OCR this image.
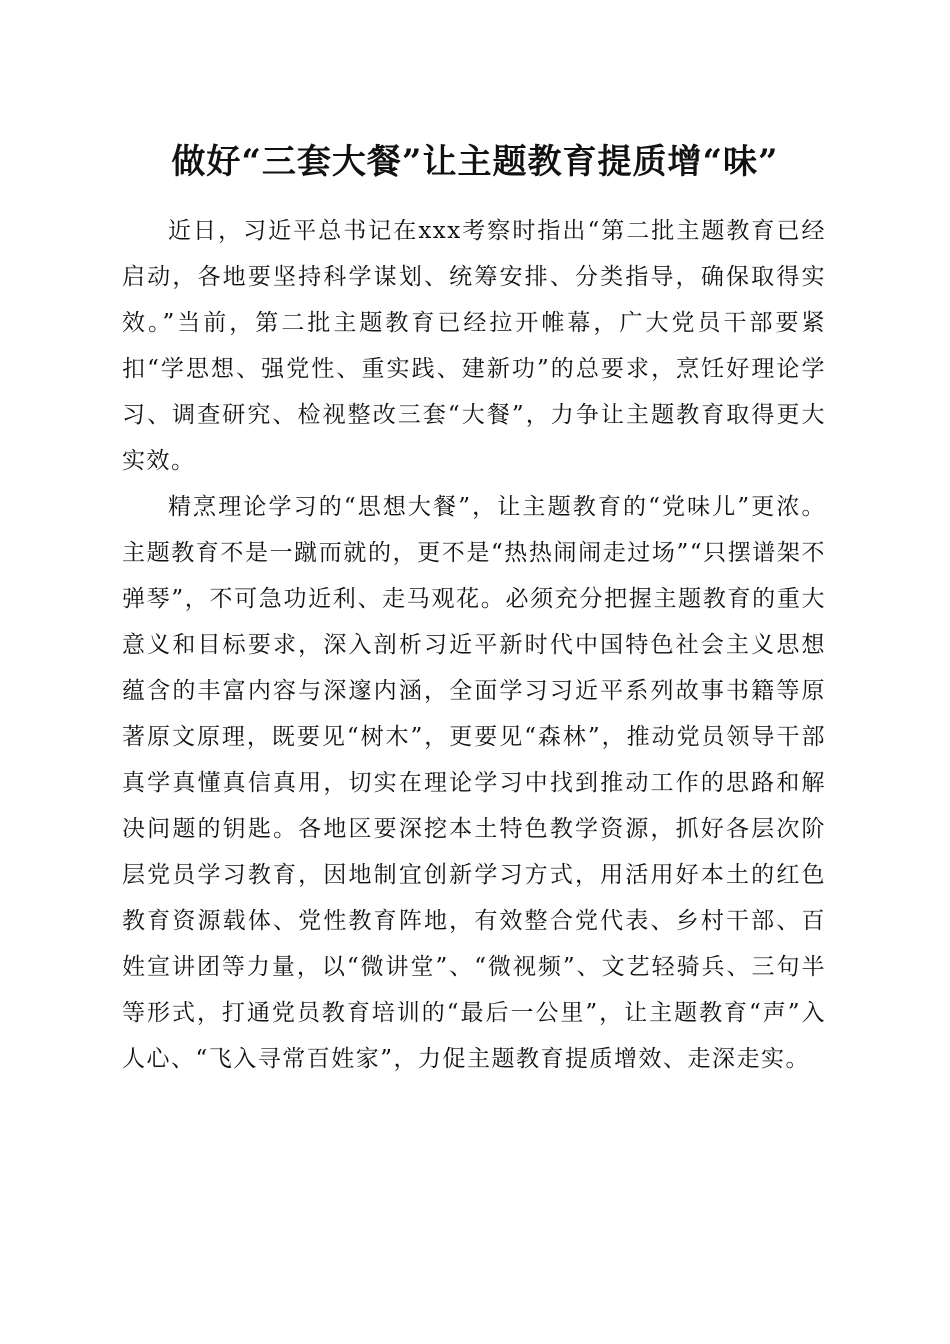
做好“三套大餐”让主题教育提质增“味”

近日，习近平总书记在xxx考察时指出“第二批主题教育已经启动，各地要坚持科学谋划、统筹安排、分类指导，确保取得实效。”当前，第二批主题教育已经拉开帷幕，广大党员干部要紧扣“学思想、强党性、重实践、建新功”的总要求，烹饪好理论学习、调查研究、检视整改三套“大餐”，力争让主题教育取得更大实效。

精烹理论学习的“思想大餐”，让主题教育的“党味儿”更浓。主题教育不是一蹴而就的，更不是“热热闹闹走过场”“只摆谱架不弹琴”，不可急功近利、走马观花。必须充分把握主题教育的重大意义和目标要求，深入剖析习近平新时代中国特色社会主义思想蕴含的丰富内容与深邃内涵，全面学习习近平系列故事书籍等原著原文原理，既要见“树木”，更要见“森林”，推动党员领导干部真学真懂真信真用，切实在理论学习中找到推动工作的思路和解决问题的钥匙。各地区要深挖本土特色教学资源，抓好各层次阶层党员学习教育，因地制宜创新学习方式，用活用好本土的红色教育资源载体、党性教育阵地，有效整合党代表、乡村干部、百姓宣讲团等力量，以“微讲堂”、“微视频”、文艺轻骑兵、三句半等形式，打通党员教育培训的“最后一公里”，让主题教育“声”入人心、“飞入寻常百姓家”，力促主题教育提质增效、走深走实。
